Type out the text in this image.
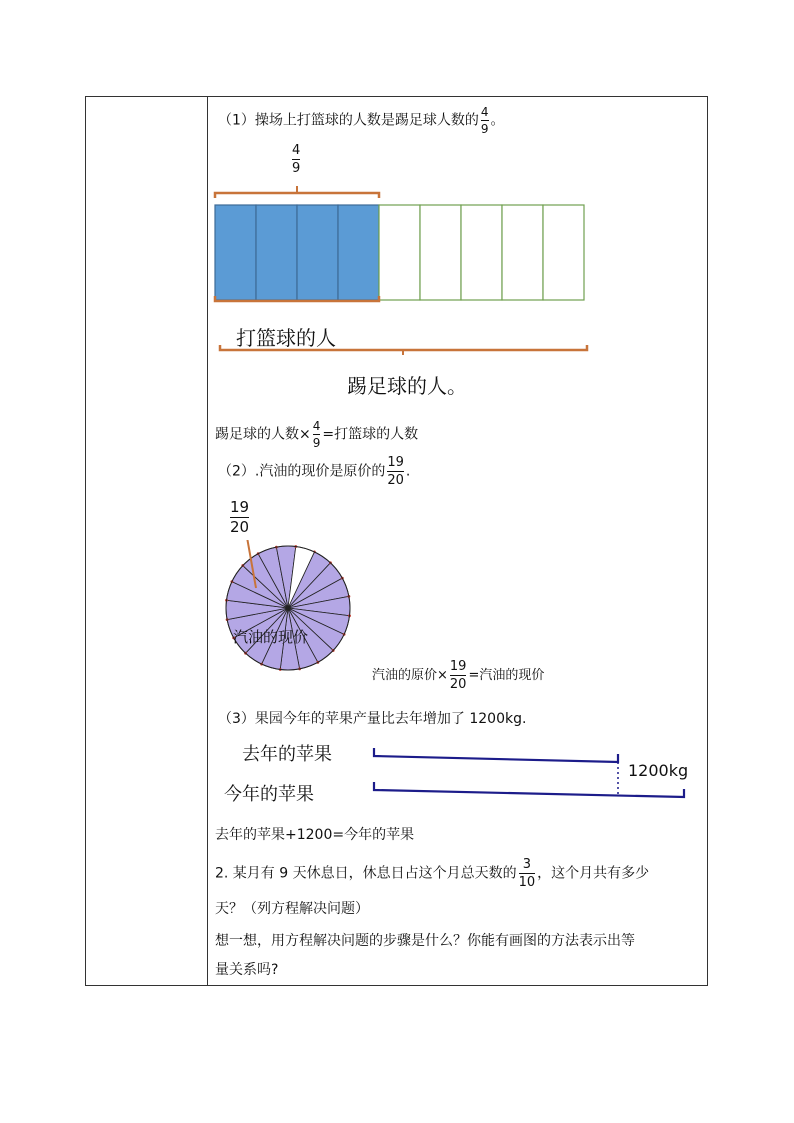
（1）操场上打篮球的人数是踢足球人数的 $\frac{4}{9}$ 。
$\frac{4}{9}$
打篮球的人
踢足球的人。
踢足球的人数× $\frac{4}{9}$ =打篮球的人数
（2）.汽油的现价是原价的 $\frac{19}{20}$ .
$\frac{19}{20}$
汽油的现价
汽油的原价× $\frac{19}{20}$ =汽油的现价
（3）果园今年的苹果产量比去年增加了 1200kg.
去年的苹果
今年的苹果
1200kg
去年的苹果+1200=今年的苹果
2. 某月有 9 天休息日，休息日占这个月总天数的 $\frac{3}{10}$ ，这个月共有多少
天？（列方程解决问题）
想一想，用方程解决问题的步骤是什么？你能有画图的方法表示出等
量关系吗?
